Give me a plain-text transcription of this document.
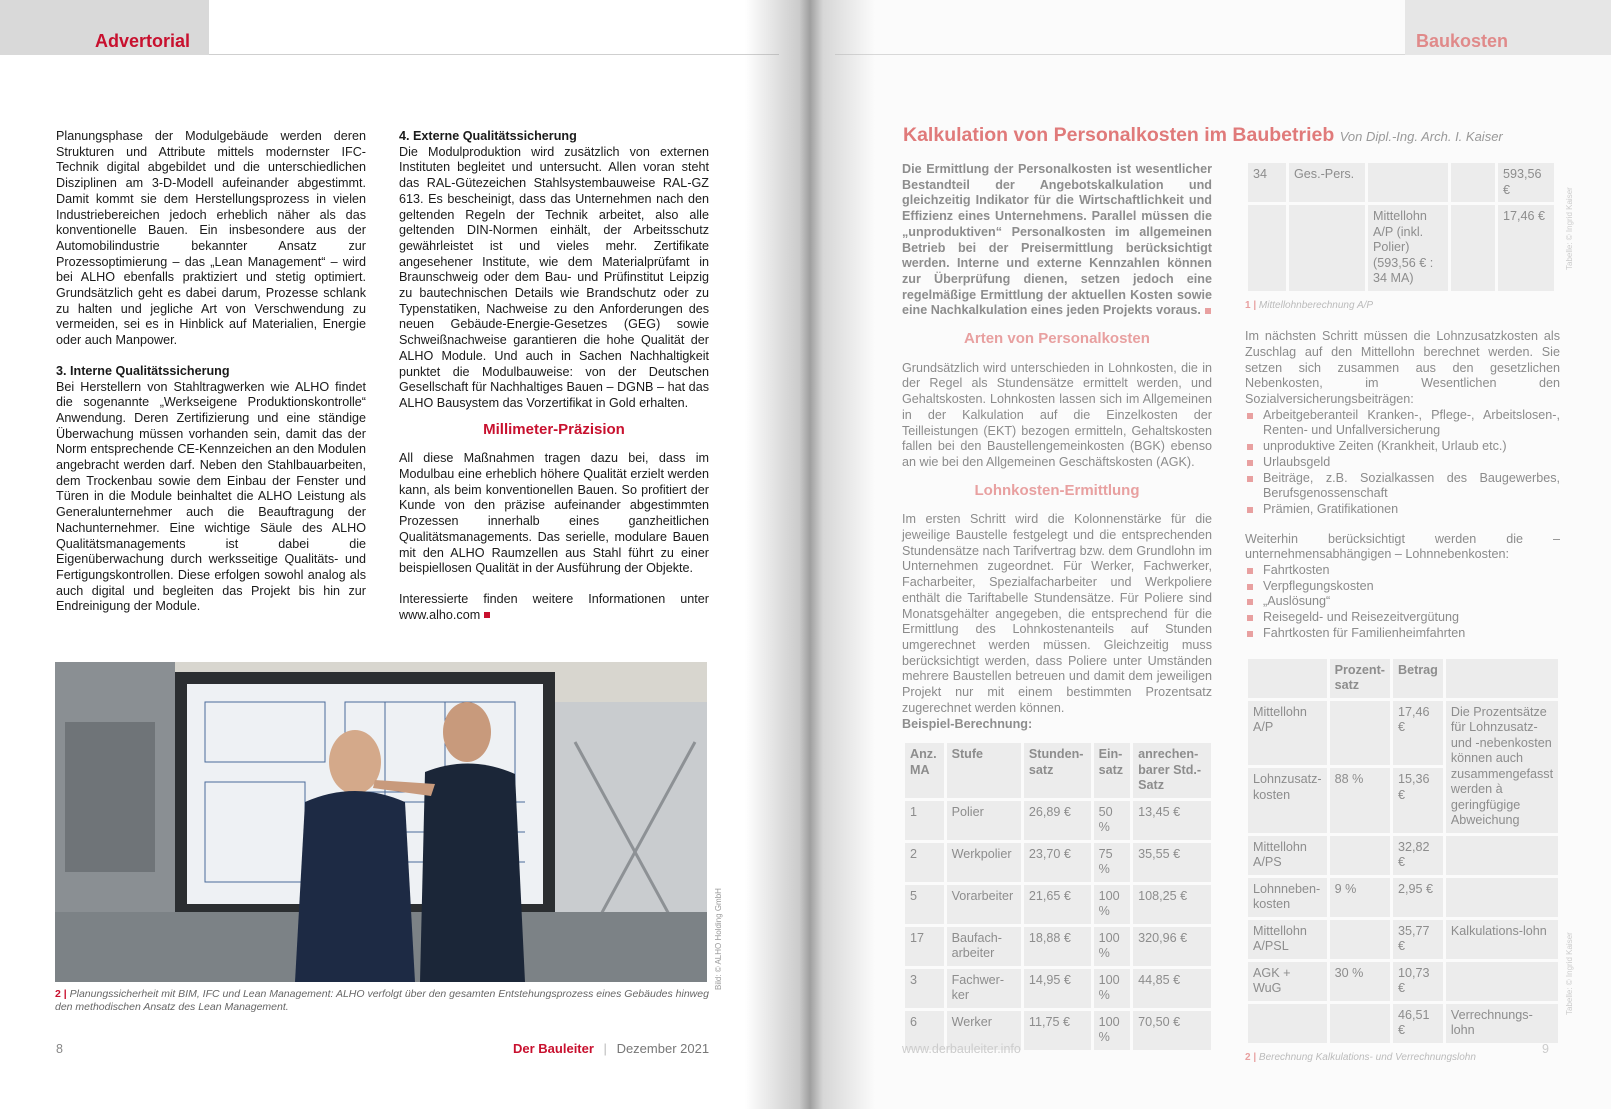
Advertorial

Planungsphase der Modulgebäude werden deren Strukturen und Attribute mittels modernster IFC-Technik digital abgebildet und die unterschiedlichen Disziplinen am 3-D-Modell aufeinander abgestimmt. Damit kommt sie dem Herstellungsprozess in vielen Industriebereichen jedoch erheblich näher als das konventionelle Bauen. Ein insbesondere aus der Automobilindustrie bekannter Ansatz zur Prozessoptimierung – das „Lean Management“ – wird bei ALHO ebenfalls praktiziert und stetig optimiert. Grundsätzlich geht es dabei darum, Prozesse schlank zu halten und jegliche Art von Verschwendung zu vermeiden, sei es in Hinblick auf Materialien, Energie oder auch Manpower.

3. Interne Qualitätssicherung

Bei Herstellern von Stahltragwerken wie ALHO findet die sogenannte „Werkseigene Produktionskontrolle“ Anwendung. Deren Zertifizierung und eine ständige Überwachung müssen vorhanden sein, damit das der Norm entsprechende CE-Kennzeichen an den Modulen angebracht werden darf. Neben den Stahlbauarbeiten, dem Trockenbau sowie dem Einbau der Fenster und Türen in die Module beinhaltet die ALHO Leistung als Generalunternehmer auch die Beauftragung der Nachunternehmer. Eine wichtige Säule des ALHO Qualitätsmanagements ist dabei die Eigenüberwachung durch werksseitige Qualitäts- und Fertigungskontrollen. Diese erfolgen sowohl analog als auch digital und begleiten das Projekt bis hin zur Endreinigung der Module.

4. Externe Qualitätssicherung

Die Modulproduktion wird zusätzlich von externen Instituten begleitet und untersucht. Allen voran steht das RAL-Gütezeichen Stahlsystembauweise RAL-GZ 613. Es bescheinigt, dass das Unternehmen nach den geltenden Regeln der Technik arbeitet, also alle geltenden DIN-Normen einhält, der Arbeitsschutz gewährleistet ist und vieles mehr. Zertifikate angesehener Institute, wie dem Materialprüfamt in Braunschweig oder dem Bau- und Prüfinstitut Leipzig zu bautechnischen Details wie Brandschutz oder zu Typenstatiken, Nachweise zu den Anforderungen des neuen Gebäude-Energie-Gesetzes (GEG) sowie Schweißnachweise garantieren die hohe Qualität der ALHO Module. Und auch in Sachen Nachhaltigkeit punktet die Modulbauweise: von der Deutschen Gesellschaft für Nachhaltiges Bauen – DGNB – hat das ALHO Bausystem das Vorzertifikat in Gold erhalten.

Millimeter-Präzision

All diese Maßnahmen tragen dazu bei, dass im Modulbau eine erheblich höhere Qualität erzielt werden kann, als beim konventionellen Bauen. So profitiert der Kunde von den präzise aufeinander abgestimmten Prozessen innerhalb eines ganzheitlichen Qualitätsmanagements. Das serielle, modulare Bauen mit den ALHO Raumzellen aus Stahl führt zu einer beispiellosen Qualität in der Ausführung der Objekte.

Interessierte finden weitere Informationen unter www.alho.com

Bild: © ALHO Holding GmbH
2 | Planungssicherheit mit BIM, IFC und Lean Management: ALHO verfolgt über den gesamten Entstehungsprozess eines Gebäudes hinweg den methodischen Ansatz des Lean Management.
8	Der Bauleiter | Dezember 2021
Baukosten
Kalkulation von Personalkosten im Baubetrieb Von Dipl.-Ing. Arch. I. Kaiser

Die Ermittlung der Personalkosten ist wesentlicher Bestandteil der Angebotskalkulation und gleichzeitig Indikator für die Wirtschaftlichkeit und Effizienz eines Unternehmens. Parallel müssen die „unproduktiven“ Personalkosten im allgemeinen Betrieb bei der Preisermittlung berücksichtigt werden. Interne und externe Kennzahlen können zur Überprüfung dienen, setzen jedoch eine regelmäßige Ermittlung der aktuellen Kosten sowie eine Nachkalkulation eines jeden Projekts voraus.

Arten von Personalkosten

Grundsätzlich wird unterschieden in Lohnkosten, die in der Regel als Stundensätze ermittelt werden, und Gehaltskosten. Lohnkosten lassen sich im Allgemeinen in der Kalkulation auf die Einzelkosten der Teilleistungen (EKT) bezogen ermitteln, Gehaltskosten fallen bei den Baustellengemeinkosten (BGK) ebenso an wie bei den Allgemeinen Geschäftskosten (AGK).

Lohnkosten-Ermittlung

Im ersten Schritt wird die Kolonnenstärke für die jeweilige Baustelle festgelegt und die entsprechenden Stundensätze nach Tarifvertrag bzw. dem Grundlohn im Unternehmen zugeordnet. Für Werker, Fachwerker, Facharbeiter, Spezialfacharbeiter und Werkpoliere enthält die Tariftabelle Stundensätze. Für Poliere sind Monatsgehälter angegeben, die entsprechend für die Ermittlung des Lohnkostenanteils auf Stunden umgerechnet werden müssen. Gleichzeitig muss berücksichtigt werden, dass Poliere unter Umständen mehrere Baustellen betreuen und damit dem jeweiligen Projekt nur mit einem bestimmten Prozentsatz zugerechnet werden können.

Beispiel-Berechnung:

Anz. MA	Stufe	Stunden-satz	Ein-satz	anrechen-barer Std.-Satz
1	Polier	26,89 €	50 %	13,45 €
2	Werkpolier	23,70 €	75 %	35,55 €
5	Vorarbeiter	21,65 €	100 %	108,25 €
17	Baufach-arbeiter	18,88 €	100 %	320,96 €
3	Fachwer-ker	14,95 €	100 %	44,85 €
6	Werker	11,75 €	100 %	70,50 €
34	Ges.-Pers.			593,56 €
		Mittellohn A/P (inkl. Polier) (593,56 € : 34 MA)		17,46 €
1 | Mittellohnberechnung A/P

Im nächsten Schritt müssen die Lohnzusatzkosten als Zuschlag auf den Mittellohn berechnet werden. Sie setzen sich zusammen aus den gesetzlichen Nebenkosten, im Wesentlichen den Sozialversicherungsbeiträgen:

Arbeitgeberanteil Kranken-, Pflege-, Arbeitslosen-, Renten- und Unfallversicherung
unproduktive Zeiten (Krankheit, Urlaub etc.)
Urlaubsgeld
Beiträge, z.B. Sozialkassen des Baugewerbes, Berufsgenossenschaft
Prämien, Gratifikationen

Weiterhin berücksichtigt werden die – unternehmensabhängigen – Lohnnebenkosten:

Fahrtkosten
Verpflegungskosten
„Auslösung“
Reisegeld- und Reisezeitvergütung
Fahrtkosten für Familienheimfahrten
	Prozent-satz	Betrag	
Mittellohn A/P		17,46 €	Die Prozentsätze für Lohnzusatz- und -nebenkosten können auch zusammengefasst werden à geringfügige Abweichung
Lohnzusatz-kosten	88 %	15,36 €	
Mittellohn A/PS		32,82 €	
Lohnneben-kosten	9 %	2,95 €	
Mittellohn A/PSL		35,77 €	Kalkulations-lohn
AGK + WuG	30 %	10,73 €	
		46,51 €	Verrechnungs-lohn
2 | Berechnung Kalkulations- und Verrechnungslohn
Tabelle: © Ingrid Kaiser
Tabelle: © Ingrid Kaiser
www.derbauleiter.info	9
